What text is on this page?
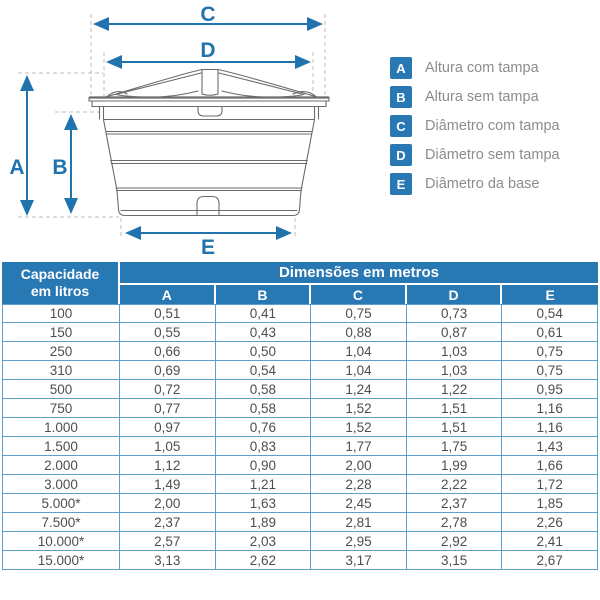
C
D
A B
E
A	Altura com tampa
B	Altura sem tampa
C	Diâmetro com tampa
D	Diâmetro sem tampa
E	Diâmetro da base
Capacidade
em litros	Dimensões em metros				
	A	B	C	D	E
100	0,51	0,41	0,75	0,73	0,54
150	0,55	0,43	0,88	0,87	0,61
250	0,66	0,50	1,04	1,03	0,75
310	0,69	0,54	1,04	1,03	0,75
500	0,72	0,58	1,24	1,22	0,95
750	0,77	0,58	1,52	1,51	1,16
1.000	0,97	0,76	1,52	1,51	1,16
1.500	1,05	0,83	1,77	1,75	1,43
2.000	1,12	0,90	2,00	1,99	1,66
3.000	1,49	1,21	2,28	2,22	1,72
5.000*	2,00	1,63	2,45	2,37	1,85
7.500*	2,37	1,89	2,81	2,78	2,26
10.000*	2,57	2,03	2,95	2,92	2,41
15.000*	3,13	2,62	3,17	3,15	2,67
